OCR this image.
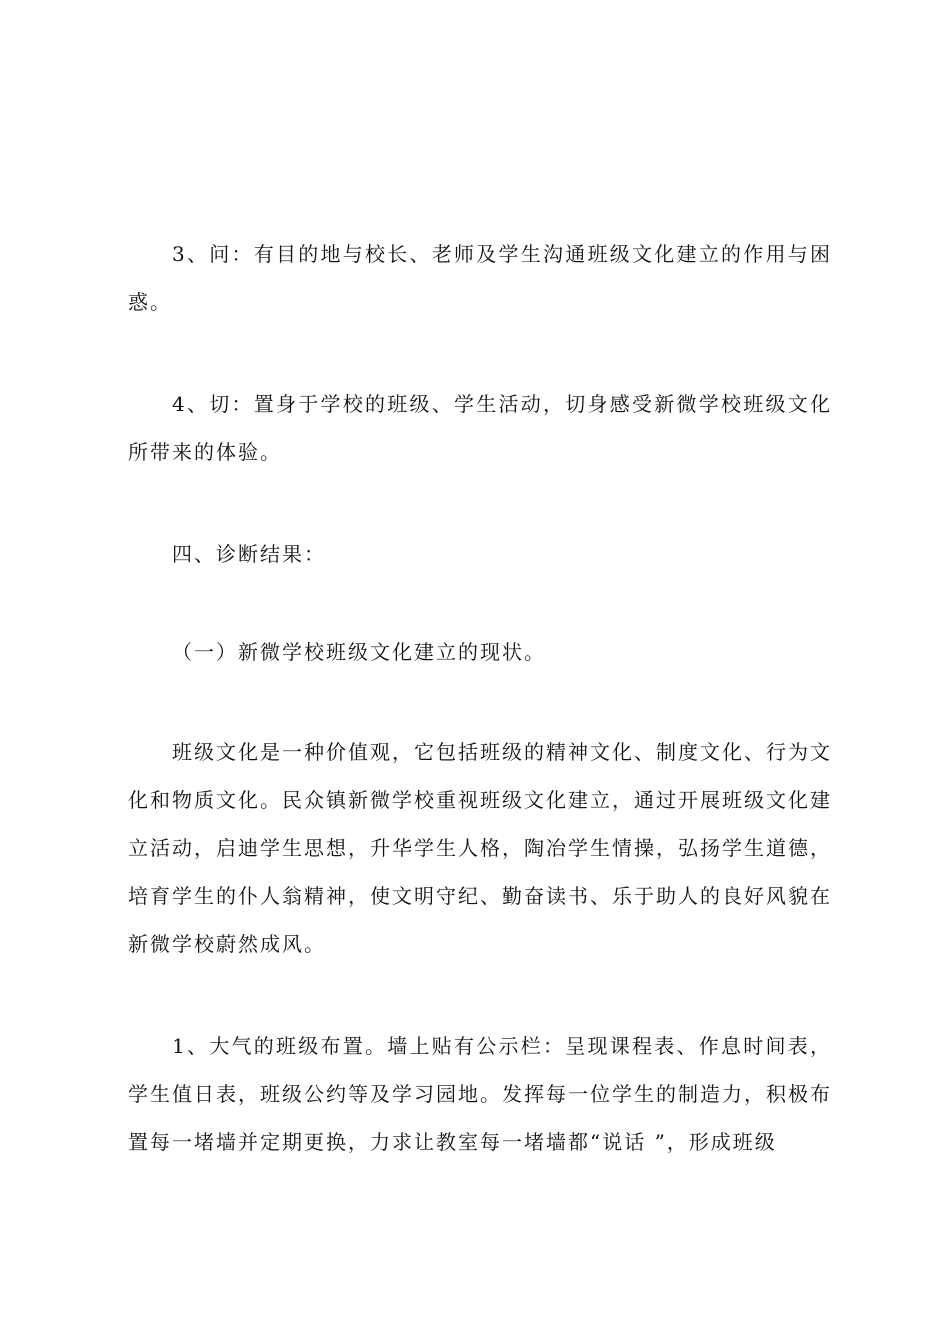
3、问：有目的地与校长、老师及学生沟通班级文化建立的作用与困惑。

4、切：置身于学校的班级、学生活动，切身感受新微学校班级文化所带来的体验。

四、诊断结果：

（一）新微学校班级文化建立的现状。

班级文化是一种价值观，它包括班级的精神文化、制度文化、行为文化和物质文化。民众镇新微学校重视班级文化建立，通过开展班级文化建立活动，启迪学生思想，升华学生人格，陶冶学生情操，弘扬学生道德，培育学生的仆人翁精神，使文明守纪、勤奋读书、乐于助人的良好风貌在新微学校蔚然成风。

1、大气的班级布置。墙上贴有公示栏：呈现课程表、作息时间表，学生值日表，班级公约等及学习园地。发挥每一位学生的制造力，积极布置每一堵墙并定期更换，力求让教室每一堵墙都“说话 ”，形成班级
